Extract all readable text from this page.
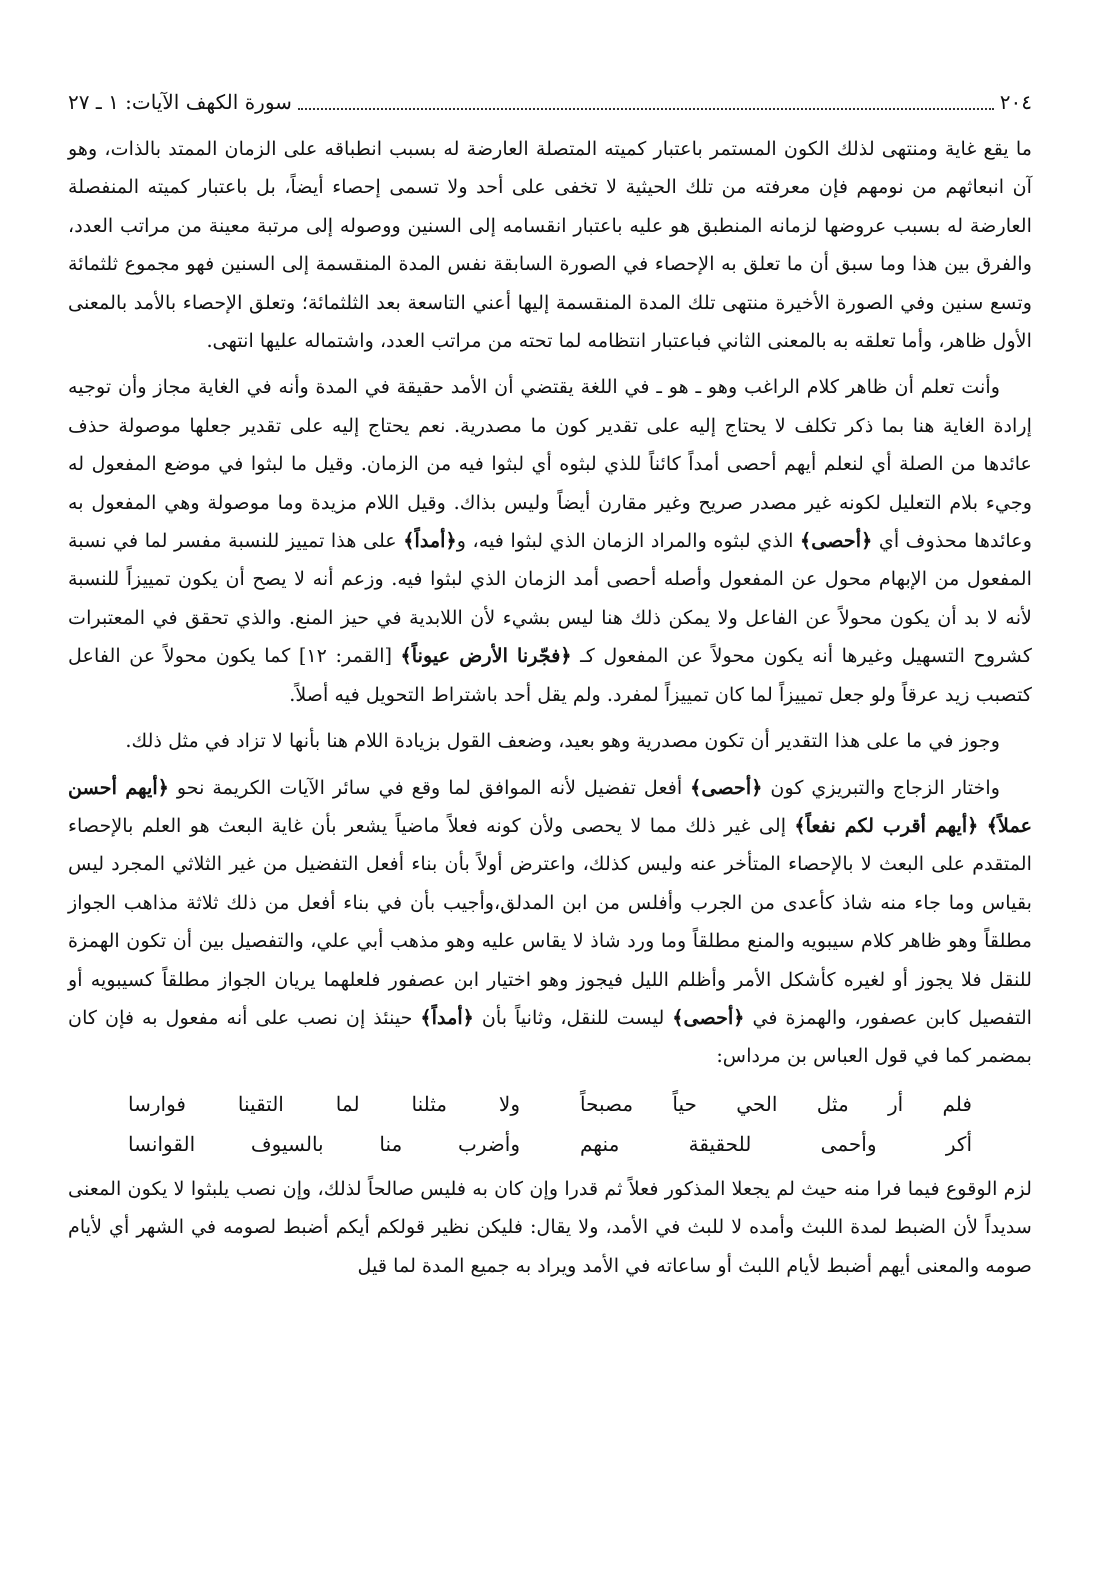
٢٠٤
سورة الكهف الآيات: ١ ـ ٢٧

ما يقع غاية ومنتهى لذلك الكون المستمر باعتبار كميته المتصلة العارضة له بسبب انطباقه على الزمان الممتد بالذات، وهو آن انبعاثهم من نومهم فإن معرفته من تلك الحيثية لا تخفى على أحد ولا تسمى إحصاء أيضاً، بل باعتبار كميته المنفصلة العارضة له بسبب عروضها لزمانه المنطبق هو عليه باعتبار انقسامه إلى السنين ووصوله إلى مرتبة معينة من مراتب العدد، والفرق بين هذا وما سبق أن ما تعلق به الإحصاء في الصورة السابقة نفس المدة المنقسمة إلى السنين فهو مجموع ثلثمائة وتسع سنين وفي الصورة الأخيرة منتهى تلك المدة المنقسمة إليها أعني التاسعة بعد الثلثمائة؛ وتعلق الإحصاء بالأمد بالمعنى الأول ظاهر، وأما تعلقه به بالمعنى الثاني فباعتبار انتظامه لما تحته من مراتب العدد، واشتماله عليها انتهى.

وأنت تعلم أن ظاهر كلام الراغب وهو ـ هو ـ في اللغة يقتضي أن الأمد حقيقة في المدة وأنه في الغاية مجاز وأن توجيه إرادة الغاية هنا بما ذكر تكلف لا يحتاج إليه على تقدير كون ما مصدرية. نعم يحتاج إليه على تقدير جعلها موصولة حذف عائدها من الصلة أي لنعلم أيهم أحصى أمداً كائناً للذي لبثوه أي لبثوا فيه من الزمان. وقيل ما لبثوا في موضع المفعول له وجيء بلام التعليل لكونه غير مصدر صريح وغير مقارن أيضاً وليس بذاك. وقيل اللام مزيدة وما موصولة وهي المفعول به وعائدها محذوف أي ﴿أحصى﴾ الذي لبثوه والمراد الزمان الذي لبثوا فيه، و﴿أمداً﴾ على هذا تمييز للنسبة مفسر لما في نسبة المفعول من الإبهام محول عن المفعول وأصله أحصى أمد الزمان الذي لبثوا فيه. وزعم أنه لا يصح أن يكون تمييزاً للنسبة لأنه لا بد أن يكون محولاً عن الفاعل ولا يمكن ذلك هنا ليس بشيء لأن اللابدية في حيز المنع. والذي تحقق في المعتبرات كشروح التسهيل وغيرها أنه يكون محولاً عن المفعول كـ ﴿فجّرنا الأرض عيوناً﴾ [القمر: ١٢] كما يكون محولاً عن الفاعل كتصبب زيد عرقاً ولو جعل تمييزاً لما كان تمييزاً لمفرد. ولم يقل أحد باشتراط التحويل فيه أصلاً.

وجوز في ما على هذا التقدير أن تكون مصدرية وهو بعيد، وضعف القول بزيادة اللام هنا بأنها لا تزاد في مثل ذلك.

واختار الزجاج والتبريزي كون ﴿أحصى﴾ أفعل تفضيل لأنه الموافق لما وقع في سائر الآيات الكريمة نحو ﴿أيهم أحسن عملاً﴾ ﴿أيهم أقرب لكم نفعاً﴾ إلى غير ذلك مما لا يحصى ولأن كونه فعلاً ماضياً يشعر بأن غاية البعث هو العلم بالإحصاء المتقدم على البعث لا بالإحصاء المتأخر عنه وليس كذلك، واعترض أولاً بأن بناء أفعل التفضيل من غير الثلاثي المجرد ليس بقياس وما جاء منه شاذ كأعدى من الجرب وأفلس من ابن المدلق،وأجيب بأن في بناء أفعل من ذلك ثلاثة مذاهب الجواز مطلقاً وهو ظاهر كلام سيبويه والمنع مطلقاً وما ورد شاذ لا يقاس عليه وهو مذهب أبي علي، والتفصيل بين أن تكون الهمزة للنقل فلا يجوز أو لغيره كأشكل الأمر وأظلم الليل فيجوز وهو اختيار ابن عصفور فلعلهما يريان الجواز مطلقاً كسيبويه أو التفصيل كابن عصفور، والهمزة في ﴿أحصى﴾ ليست للنقل، وثانياً بأن ﴿أمداً﴾ حينئذ إن نصب على أنه مفعول به فإن كان بمضمر كما في قول العباس بن مرداس:

فلم أر مثل الحي حياً مصبحاً
ولا مثلنا لما التقينا فوارسا
أكر وأحمى للحقيقة منهم
وأضرب منا بالسيوف القوانسا

لزم الوقوع فيما فرا منه حيث لم يجعلا المذكور فعلاً ثم قدرا وإن كان به فليس صالحاً لذلك، وإن نصب يلبثوا لا يكون المعنى سديداً لأن الضبط لمدة اللبث وأمده لا للبث في الأمد، ولا يقال: فليكن نظير قولكم أيكم أضبط لصومه في الشهر أي لأيام صومه والمعنى أيهم أضبط لأيام اللبث أو ساعاته في الأمد ويراد به جميع المدة لما قيل
